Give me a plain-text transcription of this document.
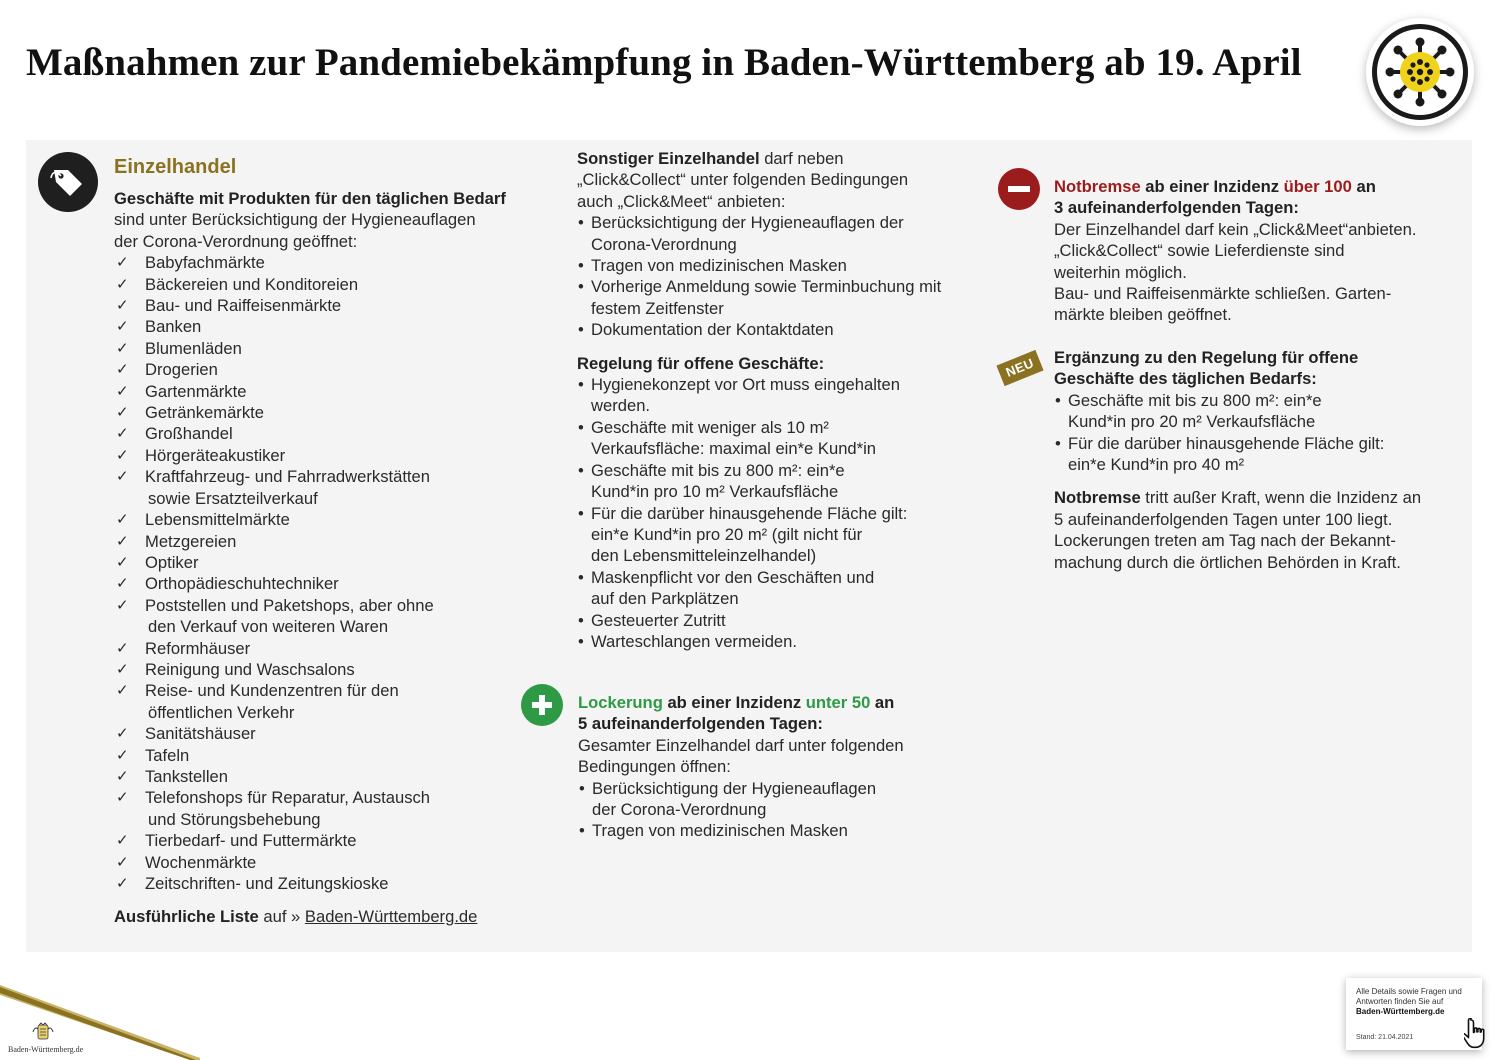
Maßnahmen zur Pandemiebekämpfung in Baden-Württemberg ab 19. April
Einzelhandel
Geschäfte mit Produkten für den täglichen Bedarf
sind unter Berücksichtigung der Hygieneauflagen
der Corona-Verordnung geöffnet:
✓ Babyfachmärkte
✓ Bäckereien und Konditoreien
✓ Bau- und Raiffeisenmärkte
✓ Banken
✓ Blumenläden
✓ Drogerien
✓ Gartenmärkte
✓ Getränkemärkte
✓ Großhandel
✓ Hörgeräteakustiker
✓ Kraftfahrzeug- und Fahrradwerkstätten
sowie Ersatzteilverkauf
✓ Lebensmittelmärkte
✓ Metzgereien
✓ Optiker
✓ Orthopädieschuhtechniker
✓ Poststellen und Paketshops, aber ohne
den Verkauf von weiteren Waren
✓ Reformhäuser
✓ Reinigung und Waschsalons
✓ Reise- und Kundenzentren für den
öffentlichen Verkehr
✓ Sanitätshäuser
✓ Tafeln
✓ Tankstellen
✓ Telefonshops für Reparatur, Austausch
und Störungsbehebung
✓ Tierbedarf- und Futtermärkte
✓ Wochenmärkte
✓ Zeitschriften- und Zeitungskioske
Ausführliche Liste auf » Baden-Württemberg.de
Sonstiger Einzelhandel darf neben
„Click&Collect“ unter folgenden Bedingungen
auch „Click&Meet“ anbieten:
• Berücksichtigung der Hygieneauflagen der
Corona-Verordnung
• Tragen von medizinischen Masken
• Vorherige Anmeldung sowie Terminbuchung mit
festem Zeitfenster
• Dokumentation der Kontaktdaten
Regelung für offene Geschäfte:
• Hygienekonzept vor Ort muss eingehalten
werden.
• Geschäfte mit weniger als 10 m²
Verkaufsfläche: maximal ein*e Kund*in
• Geschäfte mit bis zu 800 m²: ein*e
Kund*in pro 10 m² Verkaufsfläche
• Für die darüber hinausgehende Fläche gilt:
ein*e Kund*in pro 20 m² (gilt nicht für
den Lebensmitteleinzelhandel)
• Maskenpflicht vor den Geschäften und
auf den Parkplätzen
• Gesteuerter Zutritt
• Warteschlangen vermeiden.
Lockerung ab einer Inzidenz unter 50 an
5 aufeinanderfolgenden Tagen:
Gesamter Einzelhandel darf unter folgenden
Bedingungen öffnen:
• Berücksichtigung der Hygieneauflagen
der Corona-Verordnung
• Tragen von medizinischen Masken
Notbremse ab einer Inzidenz über 100 an
3 aufeinanderfolgenden Tagen:
Der Einzelhandel darf kein „Click&Meet“anbieten.
„Click&Collect“ sowie Lieferdienste sind
weiterhin möglich.
Bau- und Raiffeisenmärkte schließen. Garten-
märkte bleiben geöffnet.
NEU	Ergänzung zu den Regelung für offene
Geschäfte des täglichen Bedarfs:
• Geschäfte mit bis zu 800 m²: ein*e
Kund*in pro 20 m² Verkaufsfläche
• Für die darüber hinausgehende Fläche gilt:
ein*e Kund*in pro 40 m²
Notbremse tritt außer Kraft, wenn die Inzidenz an
5 aufeinanderfolgenden Tagen unter 100 liegt.
Lockerungen treten am Tag nach der Bekannt-
machung durch die örtlichen Behörden in Kraft.
Baden-Württemberg.de
Alle Details sowie Fragen und
Antworten finden Sie auf
Baden-Württemberg.de
Stand: 21.04.2021
